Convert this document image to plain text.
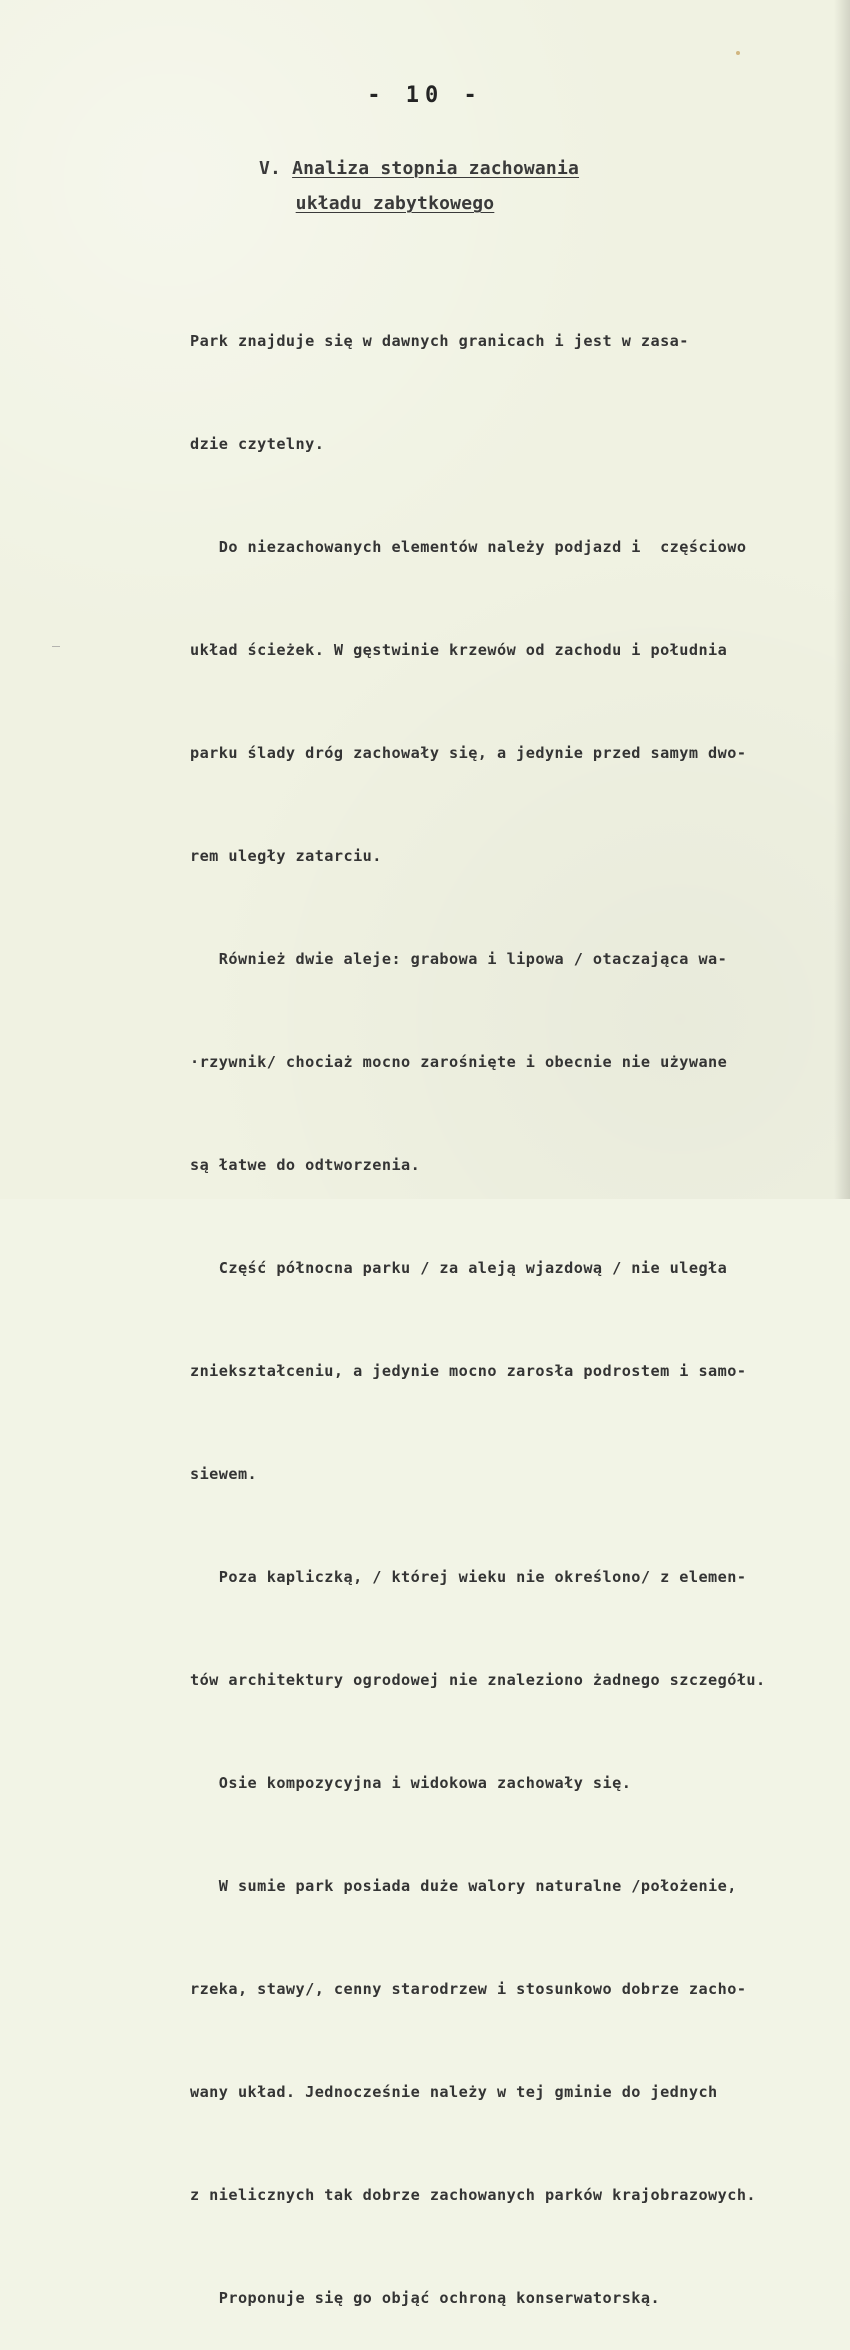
- 10 -
V. Analiza stopnia zachowania
układu zabytkowego

Park znajduje się w dawnych granicach i jest w zasa-

dzie czytelny.

Do niezachowanych elementów należy podjazd i  częściowo

układ ścieżek. W gęstwinie krzewów od zachodu i południa

parku ślady dróg zachowały się, a jedynie przed samym dwo-

rem uległy zatarciu.

Również dwie aleje: grabowa i lipowa / otaczająca wa-

·rzywnik/ chociaż mocno zarośnięte i obecnie nie używane

są łatwe do odtworzenia.

Część północna parku / za aleją wjazdową / nie uległa

zniekształceniu, a jedynie mocno zarosła podrostem i samo-

siewem.

Poza kapliczką, / której wieku nie określono/ z elemen-

tów architektury ogrodowej nie znaleziono żadnego szczegółu.

Osie kompozycyjna i widokowa zachowały się.

W sumie park posiada duże walory naturalne /położenie,

rzeka, stawy/, cenny starodrzew i stosunkowo dobrze zacho-

wany układ. Jednocześnie należy w tej gminie do jednych

z nielicznych tak dobrze zachowanych parków krajobrazowych.

Proponuje się go objąć ochroną konserwatorską.
